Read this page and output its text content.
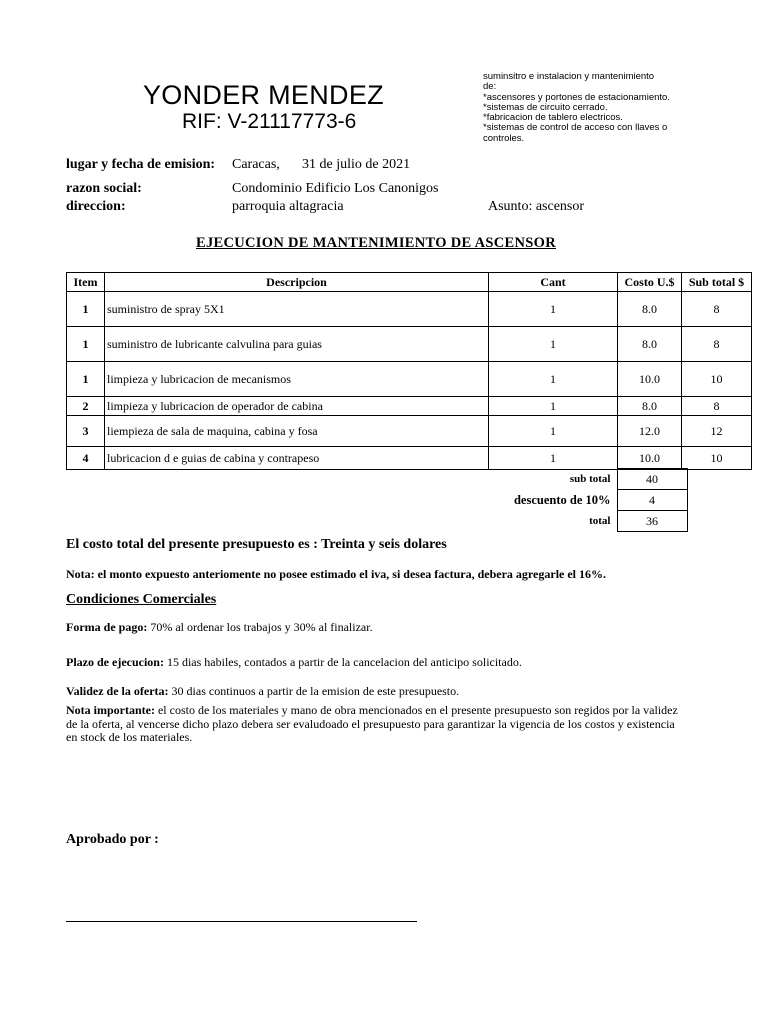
YONDER MENDEZ
RIF: V-21117773-6
suminsitro e instalacion y mantenimiento
de:
*ascensores y portones de estacionamiento.
*sistemas de circuito cerrado.
*fabricacion de tablero electricos.
*sistemas de control de acceso con llaves o
controles.
lugar y fecha de emision: Caracas, 31 de julio de 2021
razon social:	Condominio Edificio Los Canonigos
direccion:	parroquia altagracia	Asunto: ascensor
EJECUCION DE MANTENIMIENTO DE ASCENSOR
Item	Descripcion	Cant	Costo U.$	Sub total $
1	suministro de spray 5X1	1	8.0	8
1	suministro de lubricante calvulina para guias	1	8.0	8
1	limpieza y lubricacion de mecanismos	1	10.0	10
2	limpieza y lubricacion de operador de cabina	1	8.0	8
3	liempieza de sala de maquina, cabina y fosa	1	12.0	12
4	lubricacion d e guias de cabina y contrapeso	1	10.0	10
sub total	40
descuento de 10%	4
total	36
El costo total del presente presupuesto es : Treinta y seis dolares
Nota: el monto expuesto anteriomente no posee estimado el iva, si desea factura, debera agregarle el 16%.
Condiciones Comerciales
Forma de pago: 70% al ordenar los trabajos y 30% al finalizar.
Plazo de ejecucion: 15 dias habiles, contados a partir de la cancelacion del anticipo solicitado.
Validez de la oferta: 30 dias continuos a partir de la emision de este presupuesto.
Nota importante: el costo de los materiales y mano de obra mencionados en el presente presupuesto son regidos por la validez de la oferta, al vencerse dicho plazo debera ser evaludoado el presupuesto para garantizar la vigencia de los costos y existencia en stock de los materiales.
Aprobado por :
